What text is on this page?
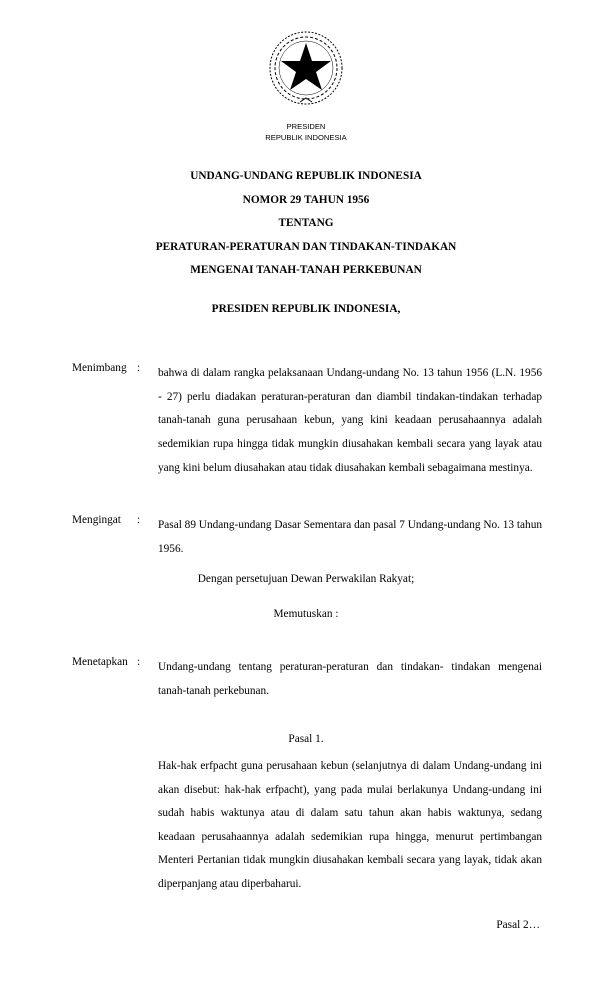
PRESIDEN
REPUBLIK INDONESIA
UNDANG-UNDANG REPUBLIK INDONESIA
NOMOR 29 TAHUN 1956
TENTANG
PERATURAN-PERATURAN DAN TINDAKAN-TINDAKAN
MENGENAI TANAH-TANAH PERKEBUNAN
PRESIDEN REPUBLIK INDONESIA,
Menimbang : bahwa di dalam rangka pelaksanaan Undang-undang No. 13 tahun 1956 (L.N. 1956 - 27) perlu diadakan peraturan-peraturan dan diambil tindakan-tindakan terhadap tanah-tanah guna perusahaan kebun, yang kini keadaan perusahaannya adalah sedemikian rupa hingga tidak mungkin diusahakan kembali secara yang layak atau yang kini belum diusahakan atau tidak diusahakan kembali sebagaimana mestinya.
Mengingat : Pasal 89 Undang-undang Dasar Sementara dan pasal 7 Undang-undang No. 13 tahun 1956.
Dengan persetujuan Dewan Perwakilan Rakyat;
Memutuskan :
Menetapkan : Undang-undang tentang peraturan-peraturan dan tindakan- tindakan mengenai tanah-tanah perkebunan.
Pasal 1.
Hak-hak erfpacht guna perusahaan kebun (selanjutnya di dalam Undang-undang ini akan disebut: hak-hak erfpacht), yang pada mulai berlakunya Undang-undang ini sudah habis waktunya atau di dalam satu tahun akan habis waktunya, sedang keadaan perusahaannya adalah sedemikian rupa hingga, menurut pertimbangan Menteri Pertanian tidak mungkin diusahakan kembali secara yang layak, tidak akan diperpanjang atau diperbaharui.
Pasal 2…
